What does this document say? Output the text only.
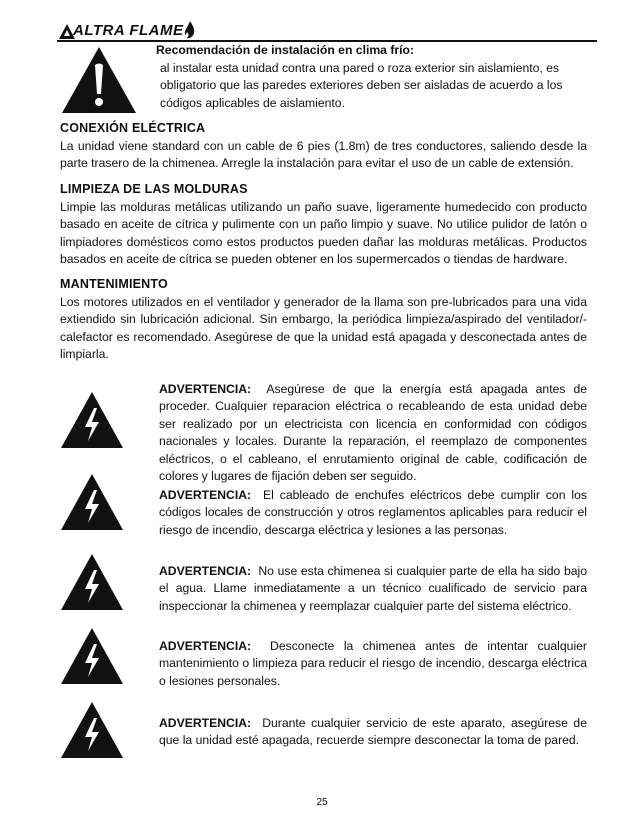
ALTRA FLAME
Recomendación de instalación en clima frío:
al instalar esta unidad contra una pared o roza exterior sin aislamiento, es obligatorio que las paredes exteriores deben ser aisladas de acuerdo a los códigos aplicables de aislamiento.
CONEXIÓN ELÉCTRICA

La unidad viene standard con un cable de 6 pies (1.8m) de tres conductores, saliendo desde la parte trasero de la chimenea. Arregle la instalación para evitar el uso de un cable de extensión.

LIMPIEZA DE LAS MOLDURAS

Limpie las molduras metálicas utilizando un paño suave, ligeramente humedecido con producto basado en aceite de cítrica y pulimente con un paño limpio y suave. No utilice pulidor de latón o limpiadores domésticos como estos productos pueden dañar las molduras metálicas. Productos basados en aceite de cítrica se pueden obtener en los supermercados o tiendas de hardware.

MANTENIMIENTO

Los motores utilizados en el ventilador y generador de la llama son pre-lubricados para una vida extiendido sin lubricación adicional. Sin embargo, la periódica limpieza/aspirado del ventilador/-calefactor es recomendado. Asegúrese de que la unidad está apagada y desconectada antes de limpiarla.

ADVERTENCIA: Asegúrese de que la energía está apagada antes de proceder. Cualquier reparacion eléctrica o recableando de esta unidad debe ser realizado por un electricista con licencia en conformidad con códigos nacionales y locales. Durante la reparación, el reemplazo de componentes eléctricos, o el cableano, el enrutamiento original de cable, codificación de colores y lugares de fijación deben ser seguido.
ADVERTENCIA: El cableado de enchufes eléctricos debe cumplir con los códigos locales de construcción y otros reglamentos aplicables para reducir el riesgo de incendio, descarga eléctrica y lesiones a las personas.
ADVERTENCIA: No use esta chimenea si cualquier parte de ella ha sido bajo el agua. Llame inmediatamente a un técnico cualificado de servicio para inspeccionar la chimenea y reemplazar cualquier parte del sistema eléctrico.
ADVERTENCIA: Desconecte la chimenea antes de intentar cualquier mantenimiento o limpieza para reducir el riesgo de incendio, descarga eléctrica o lesiones personales.
ADVERTENCIA: Durante cualquier servicio de este aparato, asegúrese de que la unidad esté apagada, recuerde siempre desconectar la toma de pared.
25
